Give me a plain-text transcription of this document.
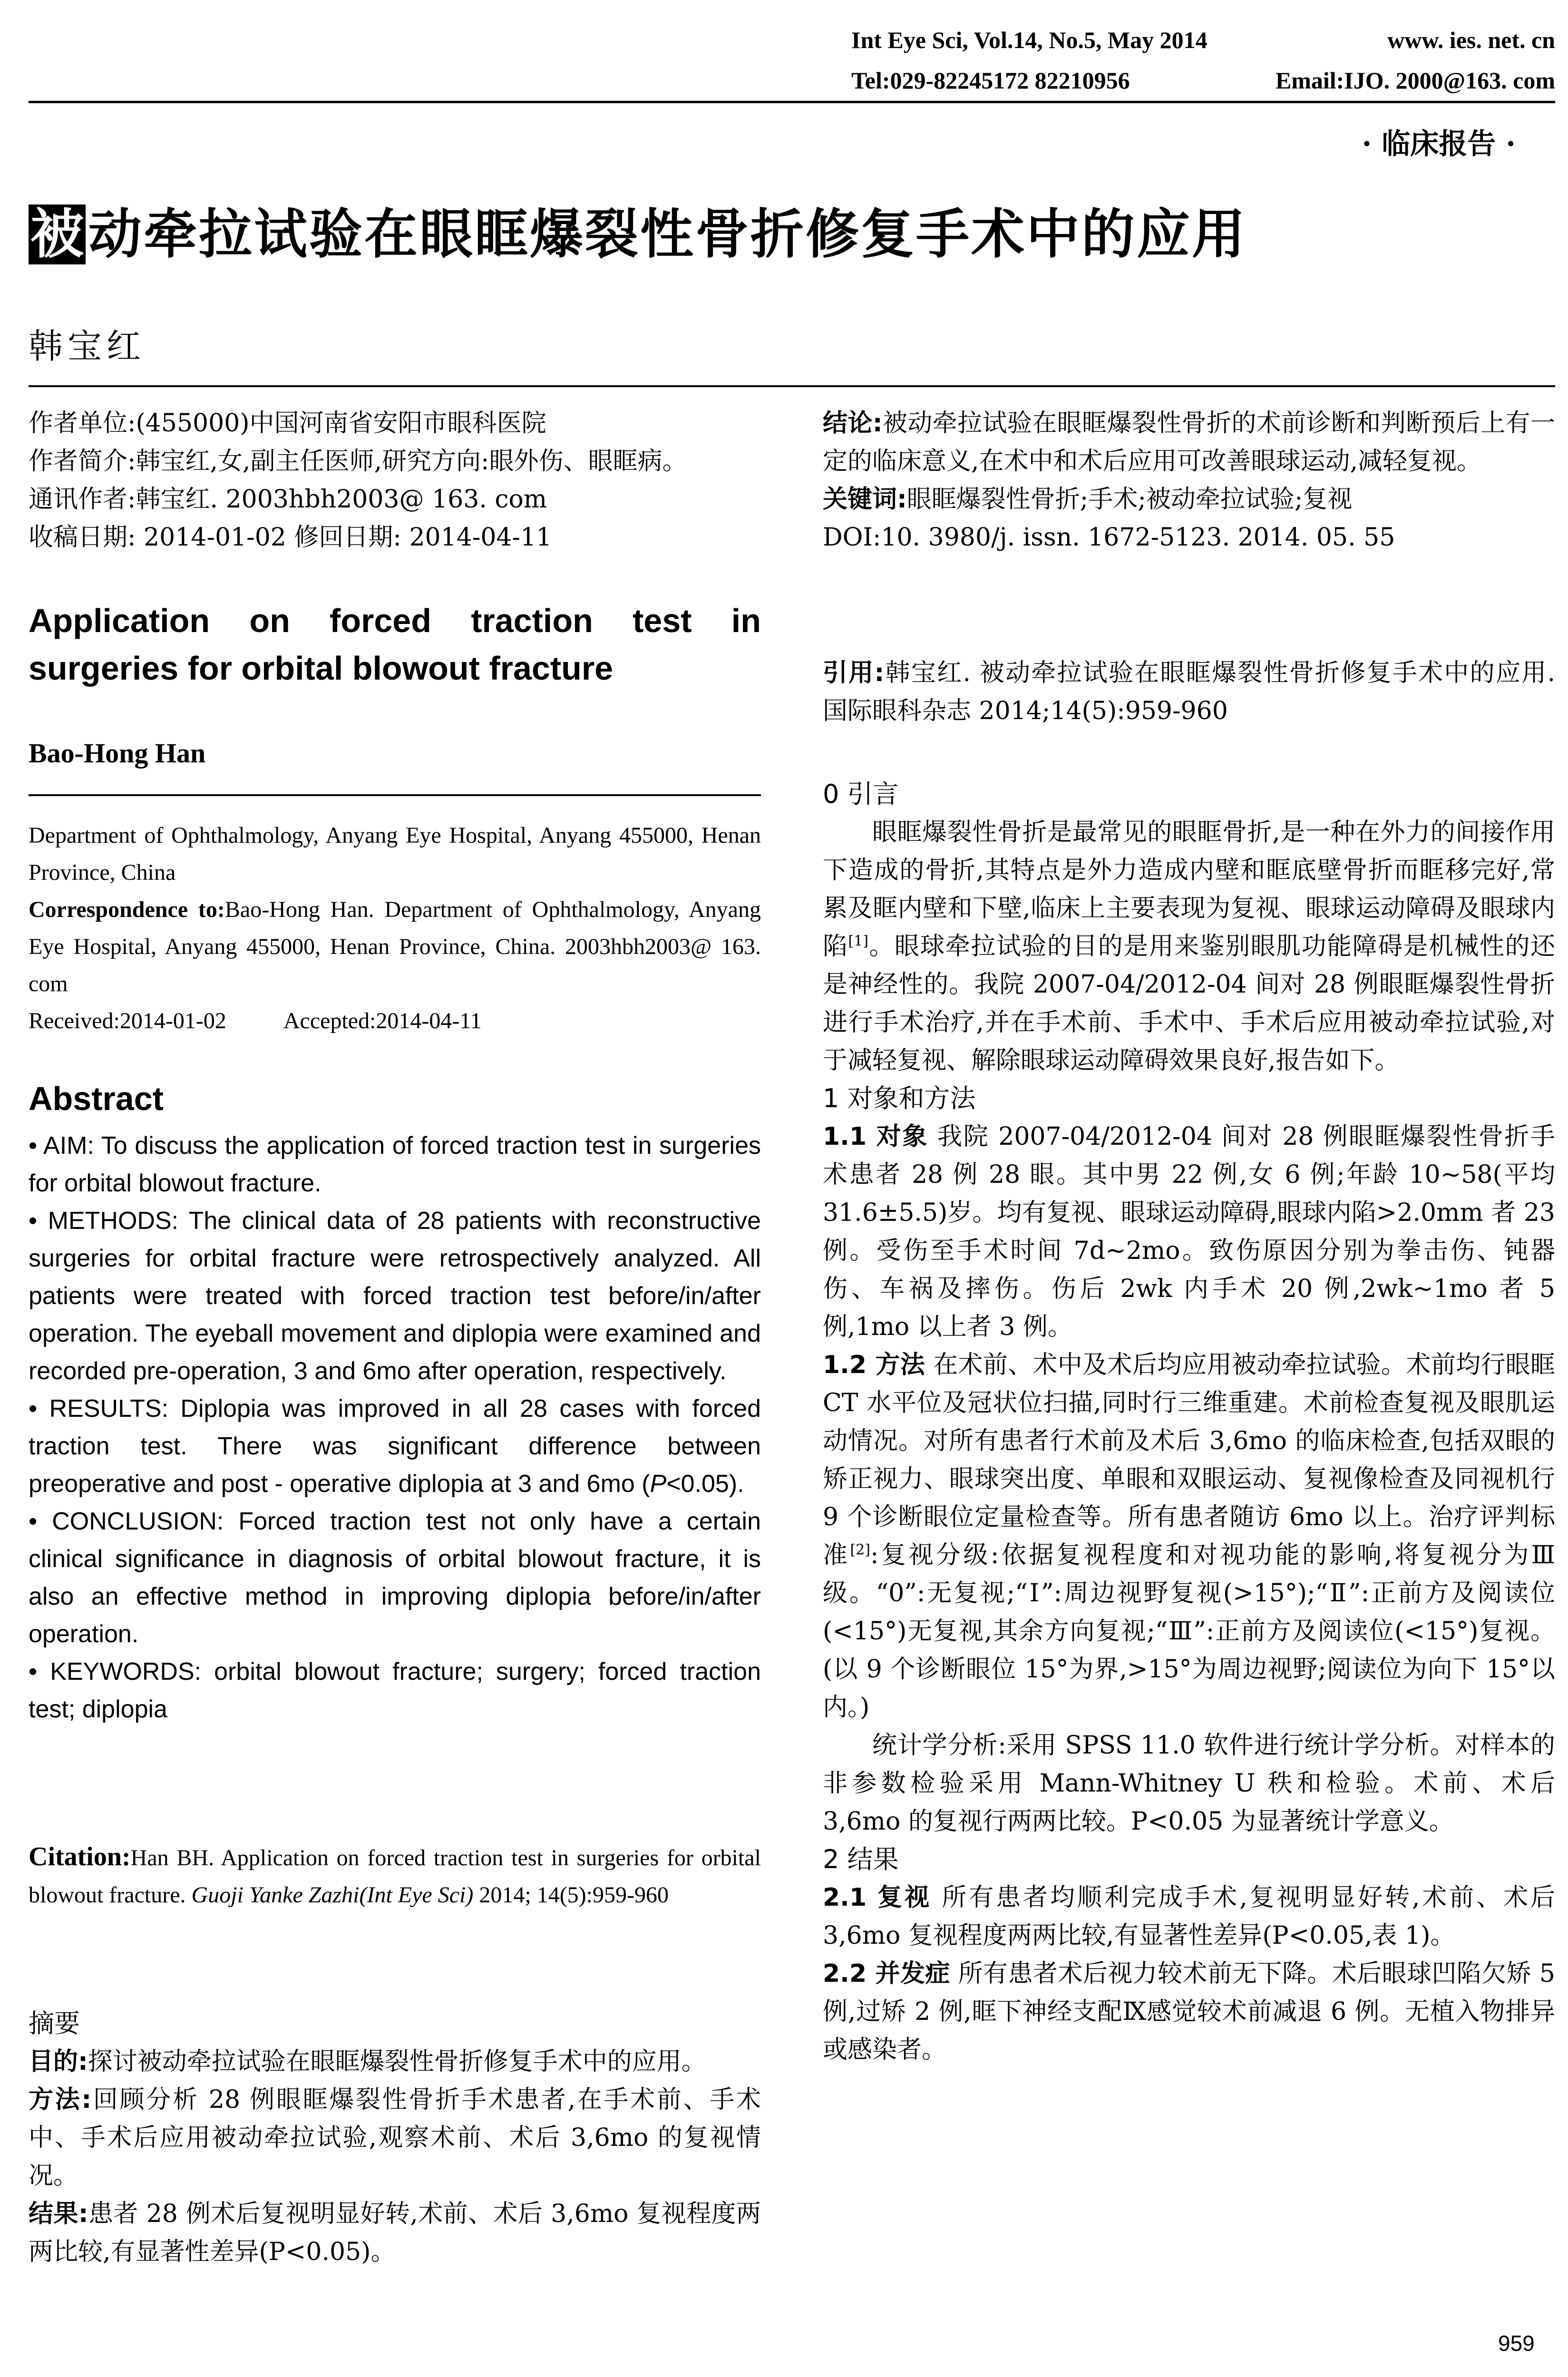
Int Eye Sci, Vol.14, No.5, May 2014	www. ies. net. cn
Tel:029-82245172 82210956	Email:IJO. 2000@163. com
· 临床报告 ·
被 动牵拉试验在眼眶爆裂性骨折修复手术中的应用
韩宝红
作者单位:(455000)中国河南省安阳市眼科医院
作者简介:韩宝红,女,副主任医师,研究方向:眼外伤、眼眶病。
通讯作者:韩宝红. 2003hbh2003@ 163. com
收稿日期: 2014-01-02 修回日期: 2014-04-11
Application on forced traction test in surgeries for orbital blowout fracture
Bao-Hong Han
Department of Ophthalmology, Anyang Eye Hospital, Anyang 455000, Henan Province, China
Correspondence to:Bao-Hong Han. Department of Ophthalmology, Anyang Eye Hospital, Anyang 455000, Henan Province, China. 2003hbh2003@ 163. com
Received:2014-01-02	Accepted:2014-04-11
Abstract
• AIM: To discuss the application of forced traction test in surgeries for orbital blowout fracture.
• METHODS: The clinical data of 28 patients with reconstructive surgeries for orbital fracture were retrospectively analyzed. All patients were treated with forced traction test before/in/after operation. The eyeball movement and diplopia were examined and recorded pre-operation, 3 and 6mo after operation, respectively.
• RESULTS: Diplopia was improved in all 28 cases with forced traction test. There was significant difference between preoperative and post - operative diplopia at 3 and 6mo (P<0.05).
• CONCLUSION: Forced traction test not only have a certain clinical significance in diagnosis of orbital blowout fracture, it is also an effective method in improving diplopia before/in/after operation.
• KEYWORDS: orbital blowout fracture; surgery; forced traction test; diplopia
Citation:Han BH. Application on forced traction test in surgeries for orbital blowout fracture. Guoji Yanke Zazhi(Int Eye Sci) 2014; 14(5):959-960
摘要
目的:探讨被动牵拉试验在眼眶爆裂性骨折修复手术中的应用。
方法:回顾分析 28 例眼眶爆裂性骨折手术患者,在手术前、手术中、手术后应用被动牵拉试验,观察术前、术后 3,6mo 的复视情况。
结果:患者 28 例术后复视明显好转,术前、术后 3,6mo 复视程度两两比较,有显著性差异(P<0.05)。
结论:被动牵拉试验在眼眶爆裂性骨折的术前诊断和判断预后上有一定的临床意义,在术中和术后应用可改善眼球运动,减轻复视。
关键词:眼眶爆裂性骨折;手术;被动牵拉试验;复视
DOI:10. 3980/j. issn. 1672-5123. 2014. 05. 55
引用:韩宝红. 被动牵拉试验在眼眶爆裂性骨折修复手术中的应用. 国际眼科杂志 2014;14(5):959-960
0 引言
眼眶爆裂性骨折是最常见的眼眶骨折,是一种在外力的间接作用下造成的骨折,其特点是外力造成内壁和眶底壁骨折而眶移完好,常累及眶内壁和下壁,临床上主要表现为复视、眼球运动障碍及眼球内陷[1]。眼球牵拉试验的目的是用来鉴别眼肌功能障碍是机械性的还是神经性的。我院 2007-04/2012-04 间对 28 例眼眶爆裂性骨折进行手术治疗,并在手术前、手术中、手术后应用被动牵拉试验,对于减轻复视、解除眼球运动障碍效果良好,报告如下。
1 对象和方法
1.1 对象 我院 2007-04/2012-04 间对 28 例眼眶爆裂性骨折手术患者 28 例 28 眼。其中男 22 例,女 6 例;年龄 10~58(平均 31.6±5.5)岁。均有复视、眼球运动障碍,眼球内陷>2.0mm 者 23 例。受伤至手术时间 7d~2mo。致伤原因分别为拳击伤、钝器伤、车祸及摔伤。伤后 2wk 内手术 20 例,2wk~1mo 者 5 例,1mo 以上者 3 例。
1.2 方法 在术前、术中及术后均应用被动牵拉试验。术前均行眼眶 CT 水平位及冠状位扫描,同时行三维重建。术前检查复视及眼肌运动情况。对所有患者行术前及术后 3,6mo 的临床检查,包括双眼的矫正视力、眼球突出度、单眼和双眼运动、复视像检查及同视机行 9 个诊断眼位定量检查等。所有患者随访 6mo 以上。治疗评判标准[2]:复视分级:依据复视程度和对视功能的影响,将复视分为Ⅲ级。“0”:无复视;“Ⅰ”:周边视野复视(>15°);“Ⅱ”:正前方及阅读位(<15°)无复视,其余方向复视;“Ⅲ”:正前方及阅读位(<15°)复视。(以 9 个诊断眼位 15°为界,>15°为周边视野;阅读位为向下 15°以内。)
统计学分析:采用 SPSS 11.0 软件进行统计学分析。对样本的非参数检验采用 Mann-Whitney U 秩和检验。术前、术后 3,6mo 的复视行两两比较。P<0.05 为显著统计学意义。
2 结果
2.1 复视 所有患者均顺利完成手术,复视明显好转,术前、术后 3,6mo 复视程度两两比较,有显著性差异(P<0.05,表 1)。
2.2 并发症 所有患者术后视力较术前无下降。术后眼球凹陷欠矫 5 例,过矫 2 例,眶下神经支配Ⅸ感觉较术前减退 6 例。无植入物排异或感染者。
959
